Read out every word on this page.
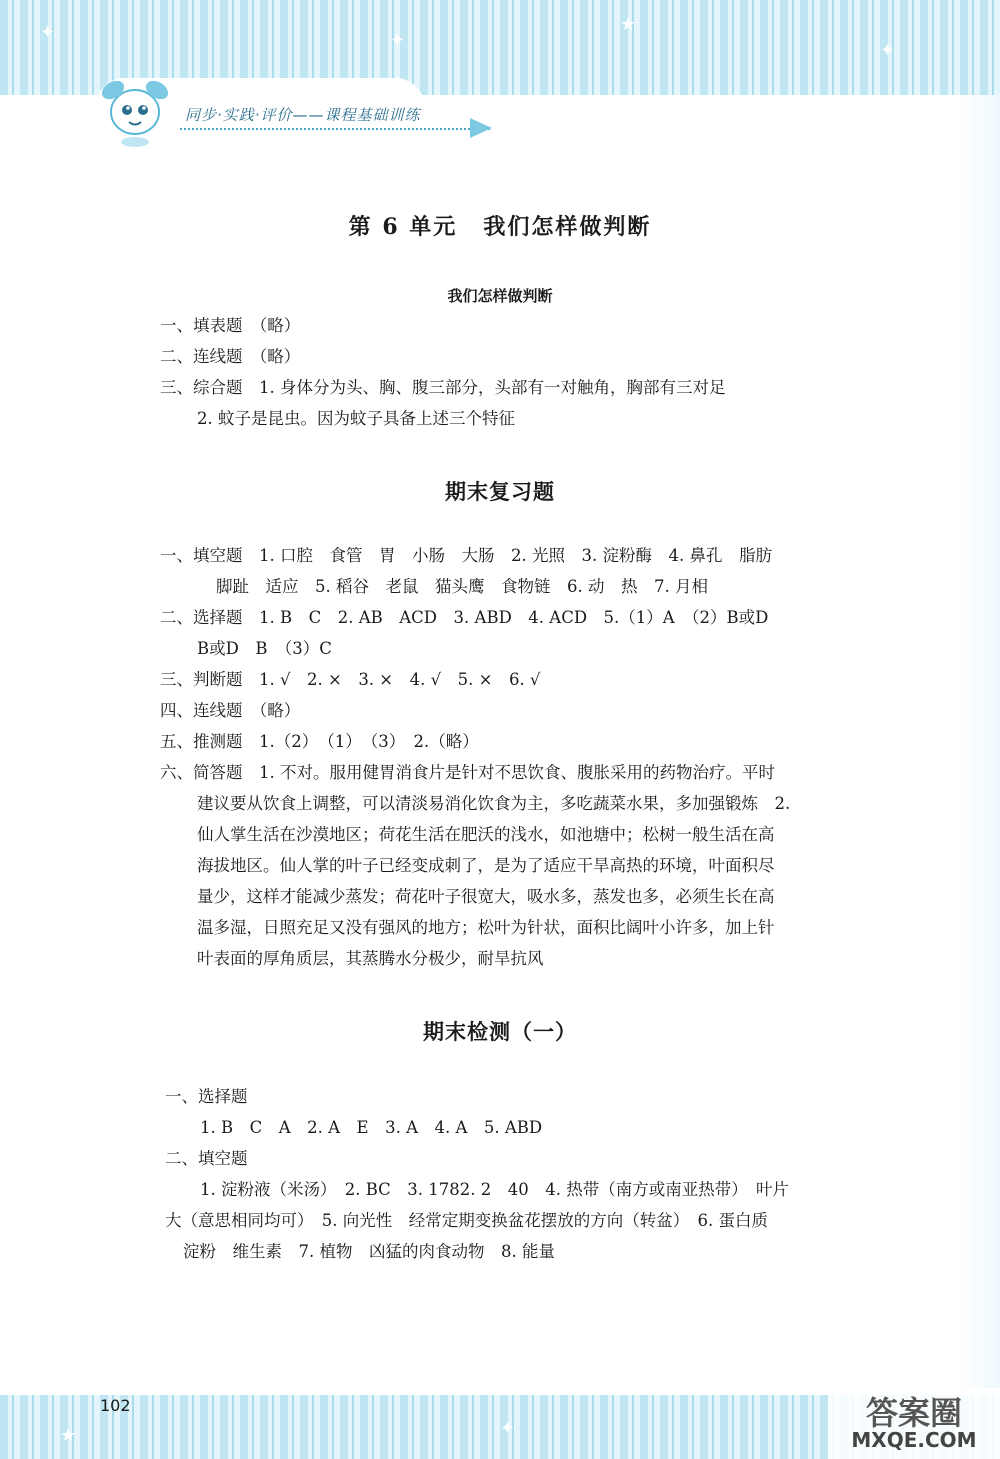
✦	✦
★
✦
★	✦
同步·实践·评价——课程基础训练
第 6 单元 我们怎样做判断
我们怎样做判断
一、填表题　（略）
二、连线题　（略）
三、综合题　1. 身体分为头、胸、腹三部分，头部有一对触角，胸部有三对足
2. 蚊子是昆虫。因为蚊子具备上述三个特征
期末复习题
一、填空题　1. 口腔　食管　胃　小肠　大肠　2. 光照　3. 淀粉酶　4. 鼻孔　脂肪
脚趾　适应　5. 稻谷　老鼠　猫头鹰　食物链　6. 动　热　7. 月相
二、选择题　1. B　C　2. AB　ACD　3. ABD　4. ACD　5.（1）A　（2）B或D
B或D　B　（3）C
三、判断题　1. √　2. ×　3. ×　4. √　5. ×　6. √
四、连线题　（略）
五、推测题　1.（2）　（1）　（3）　2.（略）
六、简答题　1. 不对。服用健胃消食片是针对不思饮食、腹胀采用的药物治疗。平时
建议要从饮食上调整，可以清淡易消化饮食为主，多吃蔬菜水果，多加强锻炼　2.
仙人掌生活在沙漠地区；荷花生活在肥沃的浅水，如池塘中；松树一般生活在高
海拔地区。仙人掌的叶子已经变成刺了，是为了适应干旱高热的环境，叶面积尽
量少，这样才能减少蒸发；荷花叶子很宽大，吸水多，蒸发也多，必须生长在高
温多湿，日照充足又没有强风的地方；松叶为针状，面积比阔叶小许多，加上针
叶表面的厚角质层，其蒸腾水分极少，耐旱抗风
期末检测（一）
一、选择题
1. B　C　A　2. A　E　3. A　4. A　5. ABD
二、填空题
1. 淀粉液（米汤）　2. BC　3. 1782. 2　40　4. 热带（南方或南亚热带）　叶片
大（意思相同均可）　5. 向光性　经常定期变换盆花摆放的方向（转盆）　6. 蛋白质
淀粉　维生素　7. 植物　凶猛的肉食动物　8. 能量
102	答案圈
MXQE.COM
